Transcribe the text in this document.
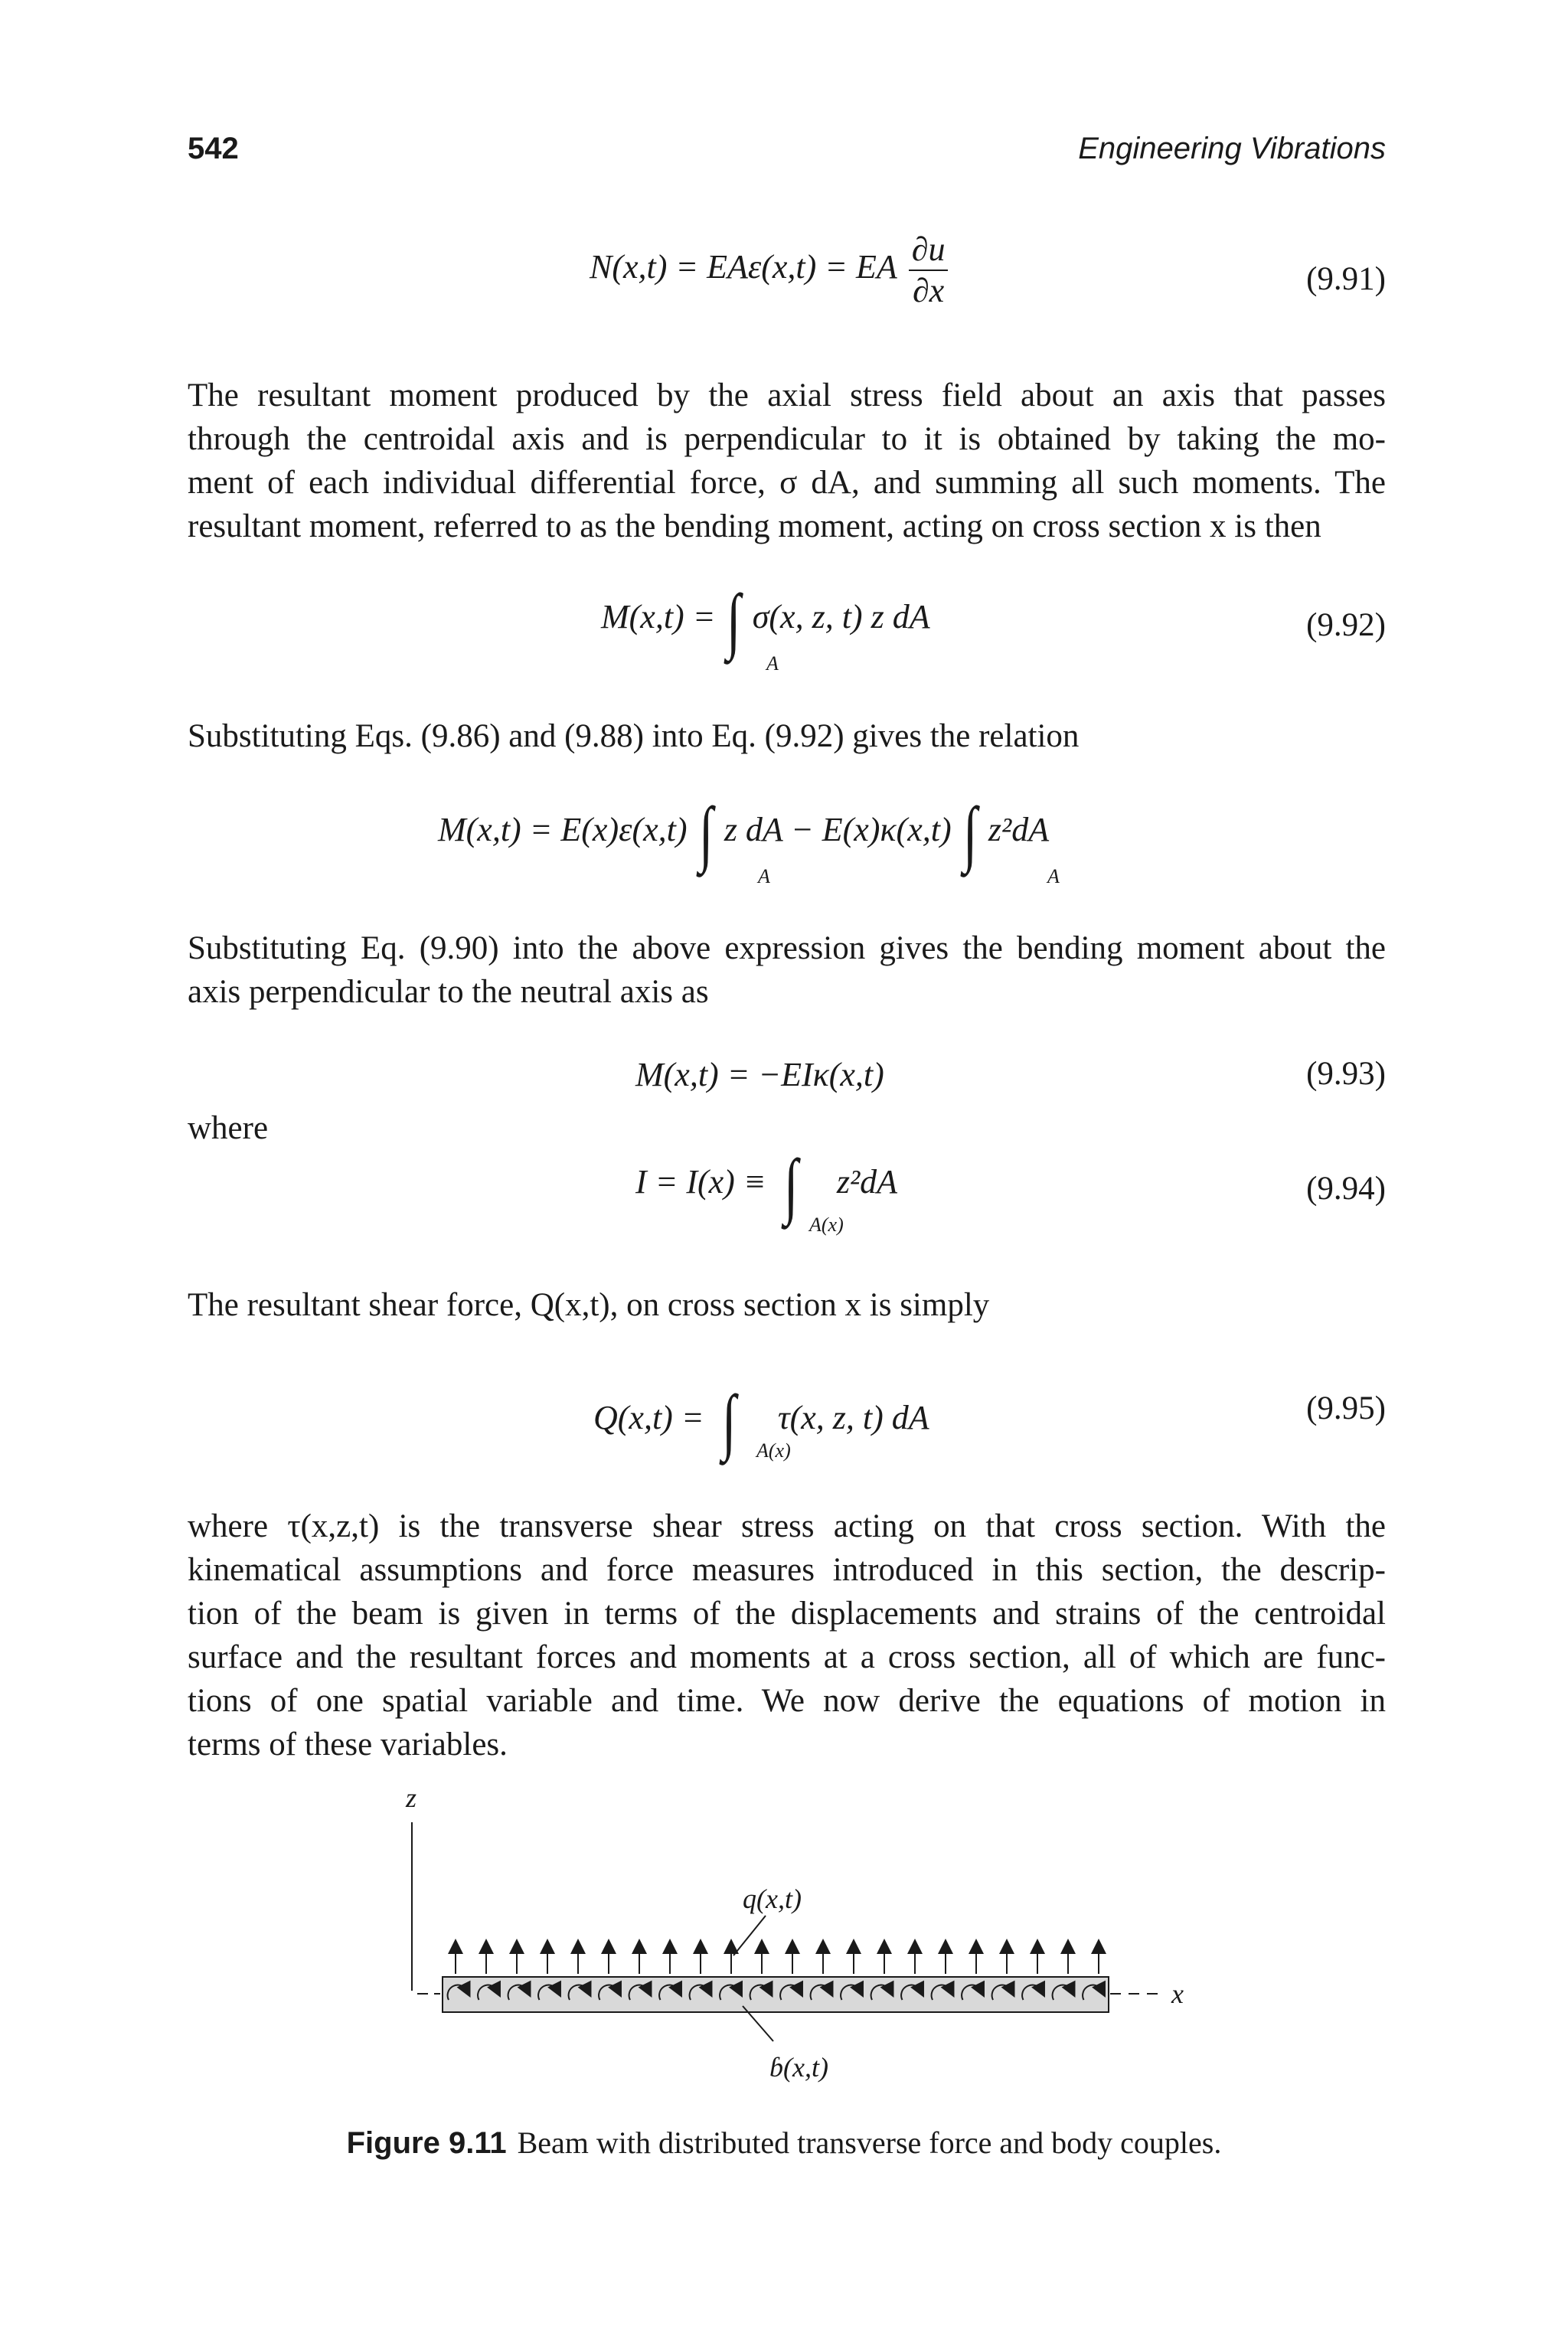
542	Engineering Vibrations
N(x,t) = EAε(x,t) = EA $\frac{\partial u}{\partial x}$	(9.91)
The resultant moment produced by the axial stress field about an axis that passes
through the centroidal axis and is perpendicular to it is obtained by taking the mo-
ment of each individual differential force, σ dA, and summing all such moments. The
resultant moment, referred to as the bending moment, acting on cross section x is then
M(x,t) = ∫ σ(x, z, t) z dA
A
(9.92)
Substituting Eqs. (9.86) and (9.88) into Eq. (9.92) gives the relation
M(x,t) = E(x)ε(x,t) ∫ z dA − E(x)κ(x,t) ∫ z²dA
A	A
Substituting Eq. (9.90) into the above expression gives the bending moment about the
axis perpendicular to the neutral axis as
M(x,t) = −EIκ(x,t)	(9.93)
where
I = I(x) ≡ ∫ z²dA
A(x)
(9.94)
The resultant shear force, Q(x,t), on cross section x is simply
Q(x,t) = ∫ τ(x, z, t) dA
A(x)
(9.95)
where τ(x,z,t) is the transverse shear stress acting on that cross section. With the
kinematical assumptions and force measures introduced in this section, the descrip-
tion of the beam is given in terms of the displacements and strains of the centroidal
surface and the resultant forces and moments at a cross section, all of which are func-
tions of one spatial variable and time. We now derive the equations of motion in
terms of these variables.
z
x
q(x,t)
ɓ(x,t)
Figure 9.11 Beam with distributed transverse force and body couples.
